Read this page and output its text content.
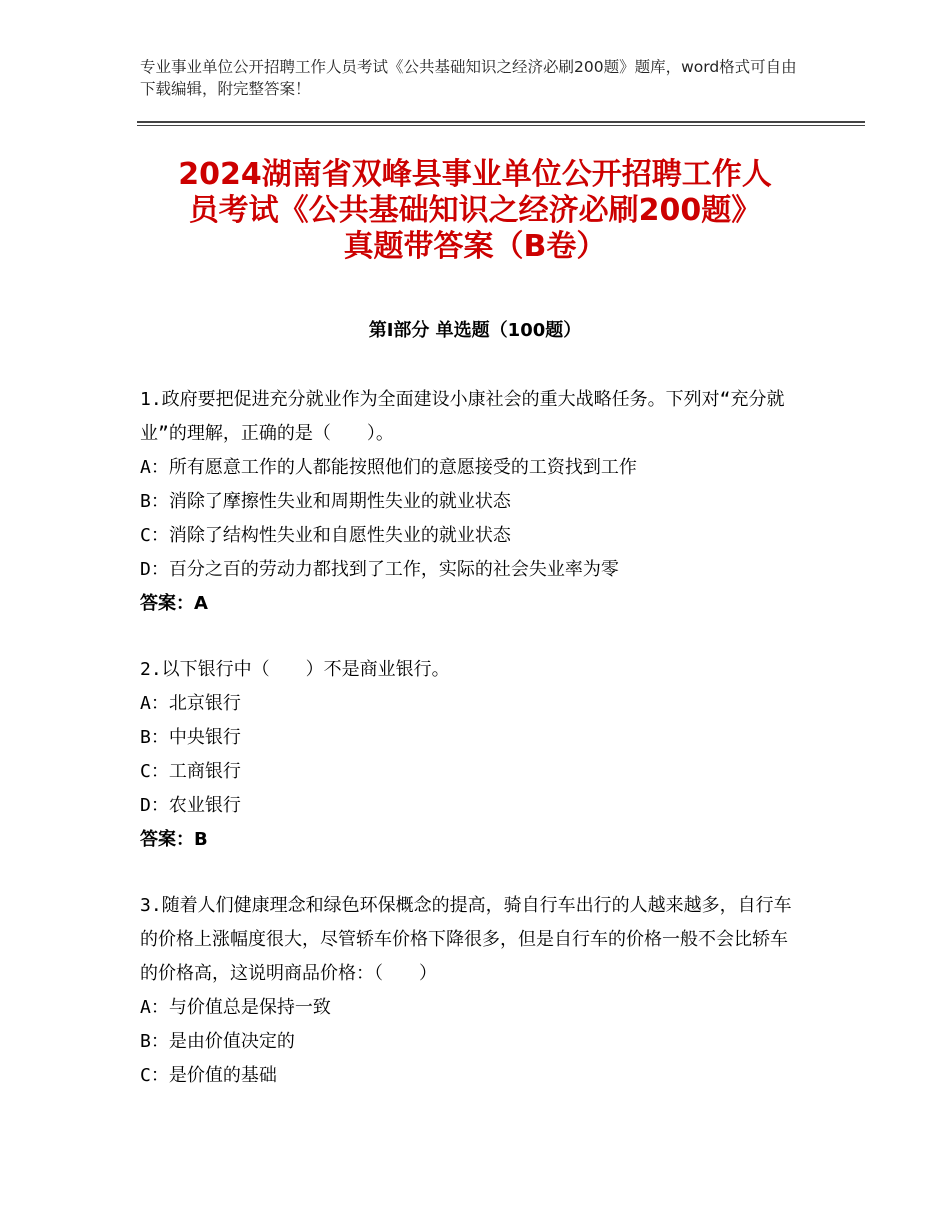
专业事业单位公开招聘工作人员考试《公共基础知识之经济必刷200题》题库，word格式可自由下载编辑，附完整答案！
2024湖南省双峰县事业单位公开招聘工作人
员考试《公共基础知识之经济必刷200题》
真题带答案（B卷）
第Ⅰ部分 单选题（100题）

1.政府要把促进充分就业作为全面建设小康社会的重大战略任务。下列对“充分就业”的理解，正确的是（　　）。

A：所有愿意工作的人都能按照他们的意愿接受的工资找到工作

B：消除了摩擦性失业和周期性失业的就业状态

C：消除了结构性失业和自愿性失业的就业状态

D：百分之百的劳动力都找到了工作，实际的社会失业率为零

答案：A

2.以下银行中（　　）不是商业银行。

A：北京银行

B：中央银行

C：工商银行

D：农业银行

答案：B

3.随着人们健康理念和绿色环保概念的提高，骑自行车出行的人越来越多，自行车的价格上涨幅度很大，尽管轿车价格下降很多，但是自行车的价格一般不会比轿车的价格高，这说明商品价格：（　　）

A：与价值总是保持一致

B：是由价值决定的

C：是价值的基础
